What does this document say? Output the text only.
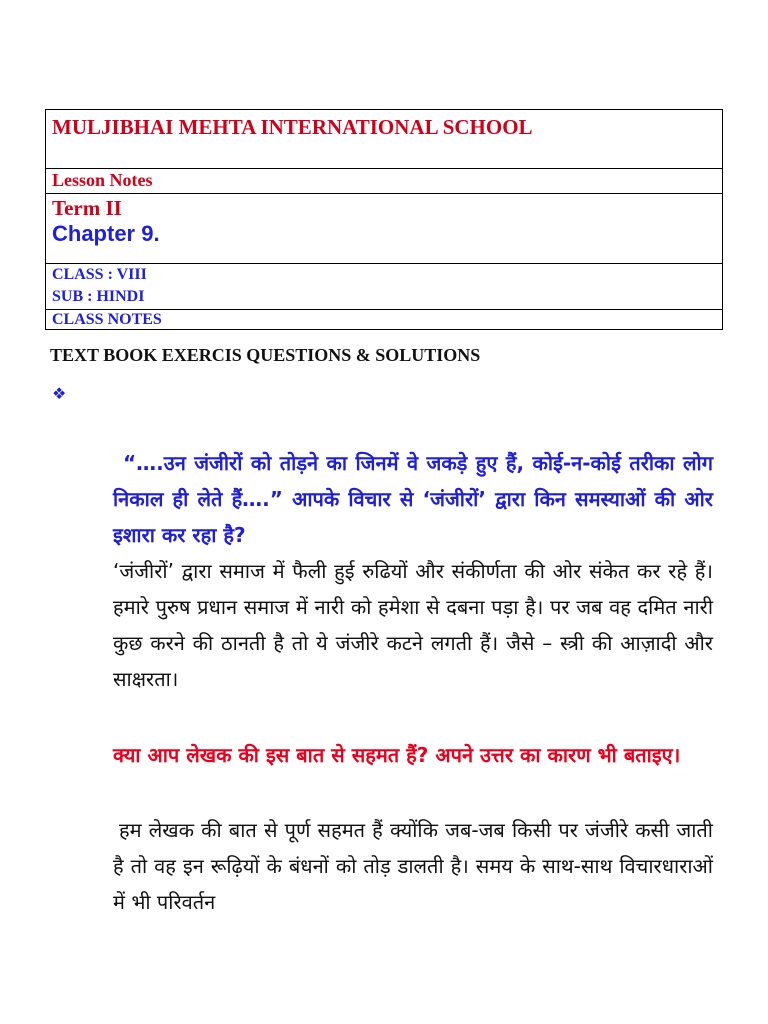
MULJIBHAI MEHTA INTERNATIONAL SCHOOL
Lesson Notes
Term II
Chapter 9.
CLASS : VIII
SUB : HINDI
CLASS NOTES
TEXT BOOK EXERCIS QUESTIONS & SOLUTIONS
❖

“….उन जंजीरों को तोड़ने का जिनमें वे जकड़े हुए हैं, कोई-न-कोई तरीका लोग निकाल ही लेते हैं….” आपके विचार से ‘जंजीरों’ द्वारा किन समस्याओं की ओर इशारा कर रहा है?

‘जंजीरों’ द्वारा समाज में फैली हुई रुढियों और संकीर्णता की ओर संकेत कर रहे हैं। हमारे पुरुष प्रधान समाज में नारी को हमेशा से दबना पड़ा है। पर जब वह दमित नारी कुछ करने की ठानती है तो ये जंजीरे कटने लगती हैं। जैसे – स्त्री की आज़ादी और साक्षरता।

क्या आप लेखक की इस बात से सहमत हैं? अपने उत्तर का कारण भी बताइए।

हम लेखक की बात से पूर्ण सहमत हैं क्योंकि जब-जब किसी पर जंजीरे कसी जाती है तो वह इन रूढ़ियों के बंधनों को तोड़ डालती है। समय के साथ-साथ विचारधाराओं में भी परिवर्तन
